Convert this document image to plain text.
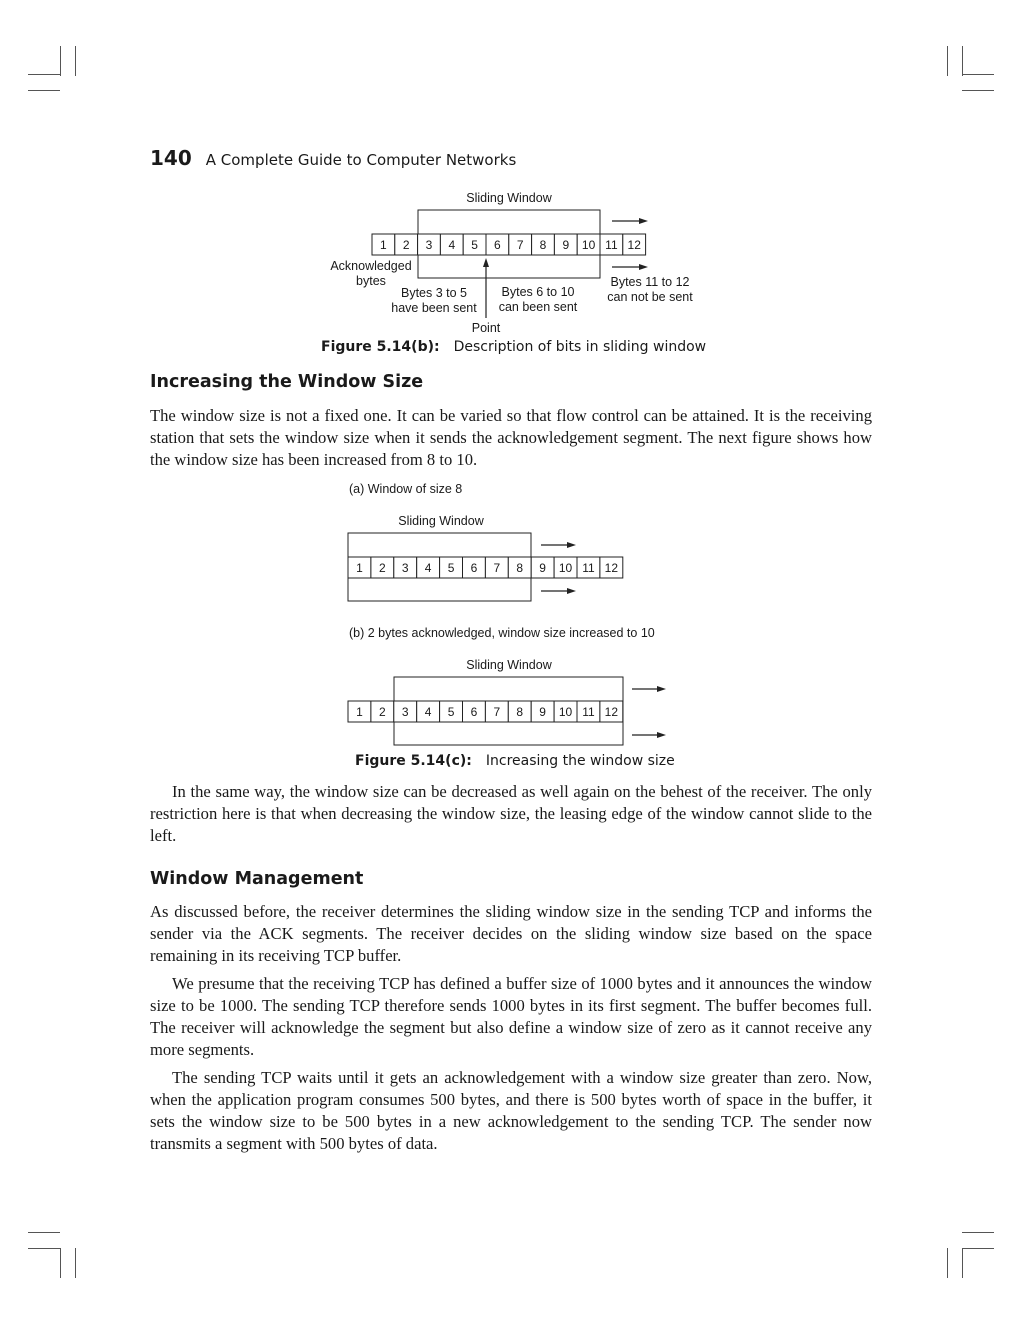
140 A Complete Guide to Computer Networks
Sliding Window
1 2 3 4 5 6 7 8 9 10 11 12
Acknowledged
bytes
Bytes 3 to 5
have been sent
Bytes 6 to 10
can been sent
Bytes 11 to 12
can not be sent
Point
Figure 5.14(b): Description of bits in sliding window
Increasing the Window Size

The window size is not a fixed one. It can be varied so that flow control can be attained. It is the receiving station that sets the window size when it sends the acknowledgement segment. The next figure shows how the window size has been increased from 8 to 10.

(a) Window of size 8
Sliding Window
1 2 3 4 5 6 7 8 9 10 11 12
(b) 2 bytes acknowledged, window size increased to 10
Sliding Window
1 2 3 4 5 6 7 8 9 10 11 12
Figure 5.14(c): Increasing the window size

In the same way, the window size can be decreased as well again on the behest of the receiver. The only restriction here is that when decreasing the window size, the leasing edge of the window cannot slide to the left.

Window Management

As discussed before, the receiver determines the sliding window size in the sending TCP and informs the sender via the ACK segments. The receiver decides on the sliding window size based on the space remaining in its receiving TCP buffer.

We presume that the receiving TCP has defined a buffer size of 1000 bytes and it announces the window size to be 1000. The sending TCP therefore sends 1000 bytes in its first segment. The buffer becomes full. The receiver will acknowledge the segment but also define a window size of zero as it cannot receive any more segments.

The sending TCP waits until it gets an acknowledgement with a window size greater than zero. Now, when the application program consumes 500 bytes, and there is 500 bytes worth of space in the buffer, it sets the window size to be 500 bytes in a new acknowledgement to the sending TCP. The sender now transmits a segment with 500 bytes of data.
